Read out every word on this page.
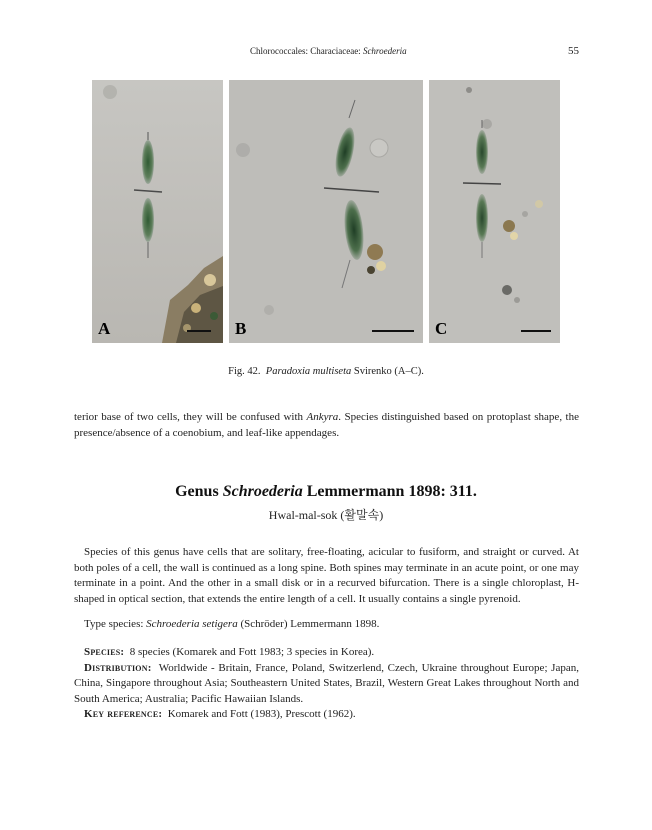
Chlorococcales: Characiaceae: Schroederia	55
A	B	C
Fig. 42. Paradoxia multiseta Svirenko (A–C).
terior base of two cells, they will be confused with Ankyra. Species distinguished based on protoplast shape, the presence/absence of a coenobium, and leaf-like appendages.
Genus Schroederia Lemmermann 1898: 311.
Hwal-mal-sok (활말속)
Species of this genus have cells that are solitary, free-floating, acicular to fusiform, and straight or curved. At both poles of a cell, the wall is continued as a long spine. Both spines may terminate in an acute point, or one may terminate in a point. And the other in a small disk or in a recurved bifurcation. There is a single chloroplast, H-shaped in optical section, that extends the entire length of a cell. It usually contains a single pyrenoid.
Type species: Schroederia setigera (Schröder) Lemmermann 1898.
Species: 8 species (Komarek and Fott 1983; 3 species in Korea).
Distribution: Worldwide - Britain, France, Poland, Switzerlend, Czech, Ukraine throughout Europe; Japan, China, Singapore throughout Asia; Southeastern United States, Brazil, Western Great Lakes throughout North and South America; Australia; Pacific Hawaiian Islands.
Key reference: Komarek and Fott (1983), Prescott (1962).
